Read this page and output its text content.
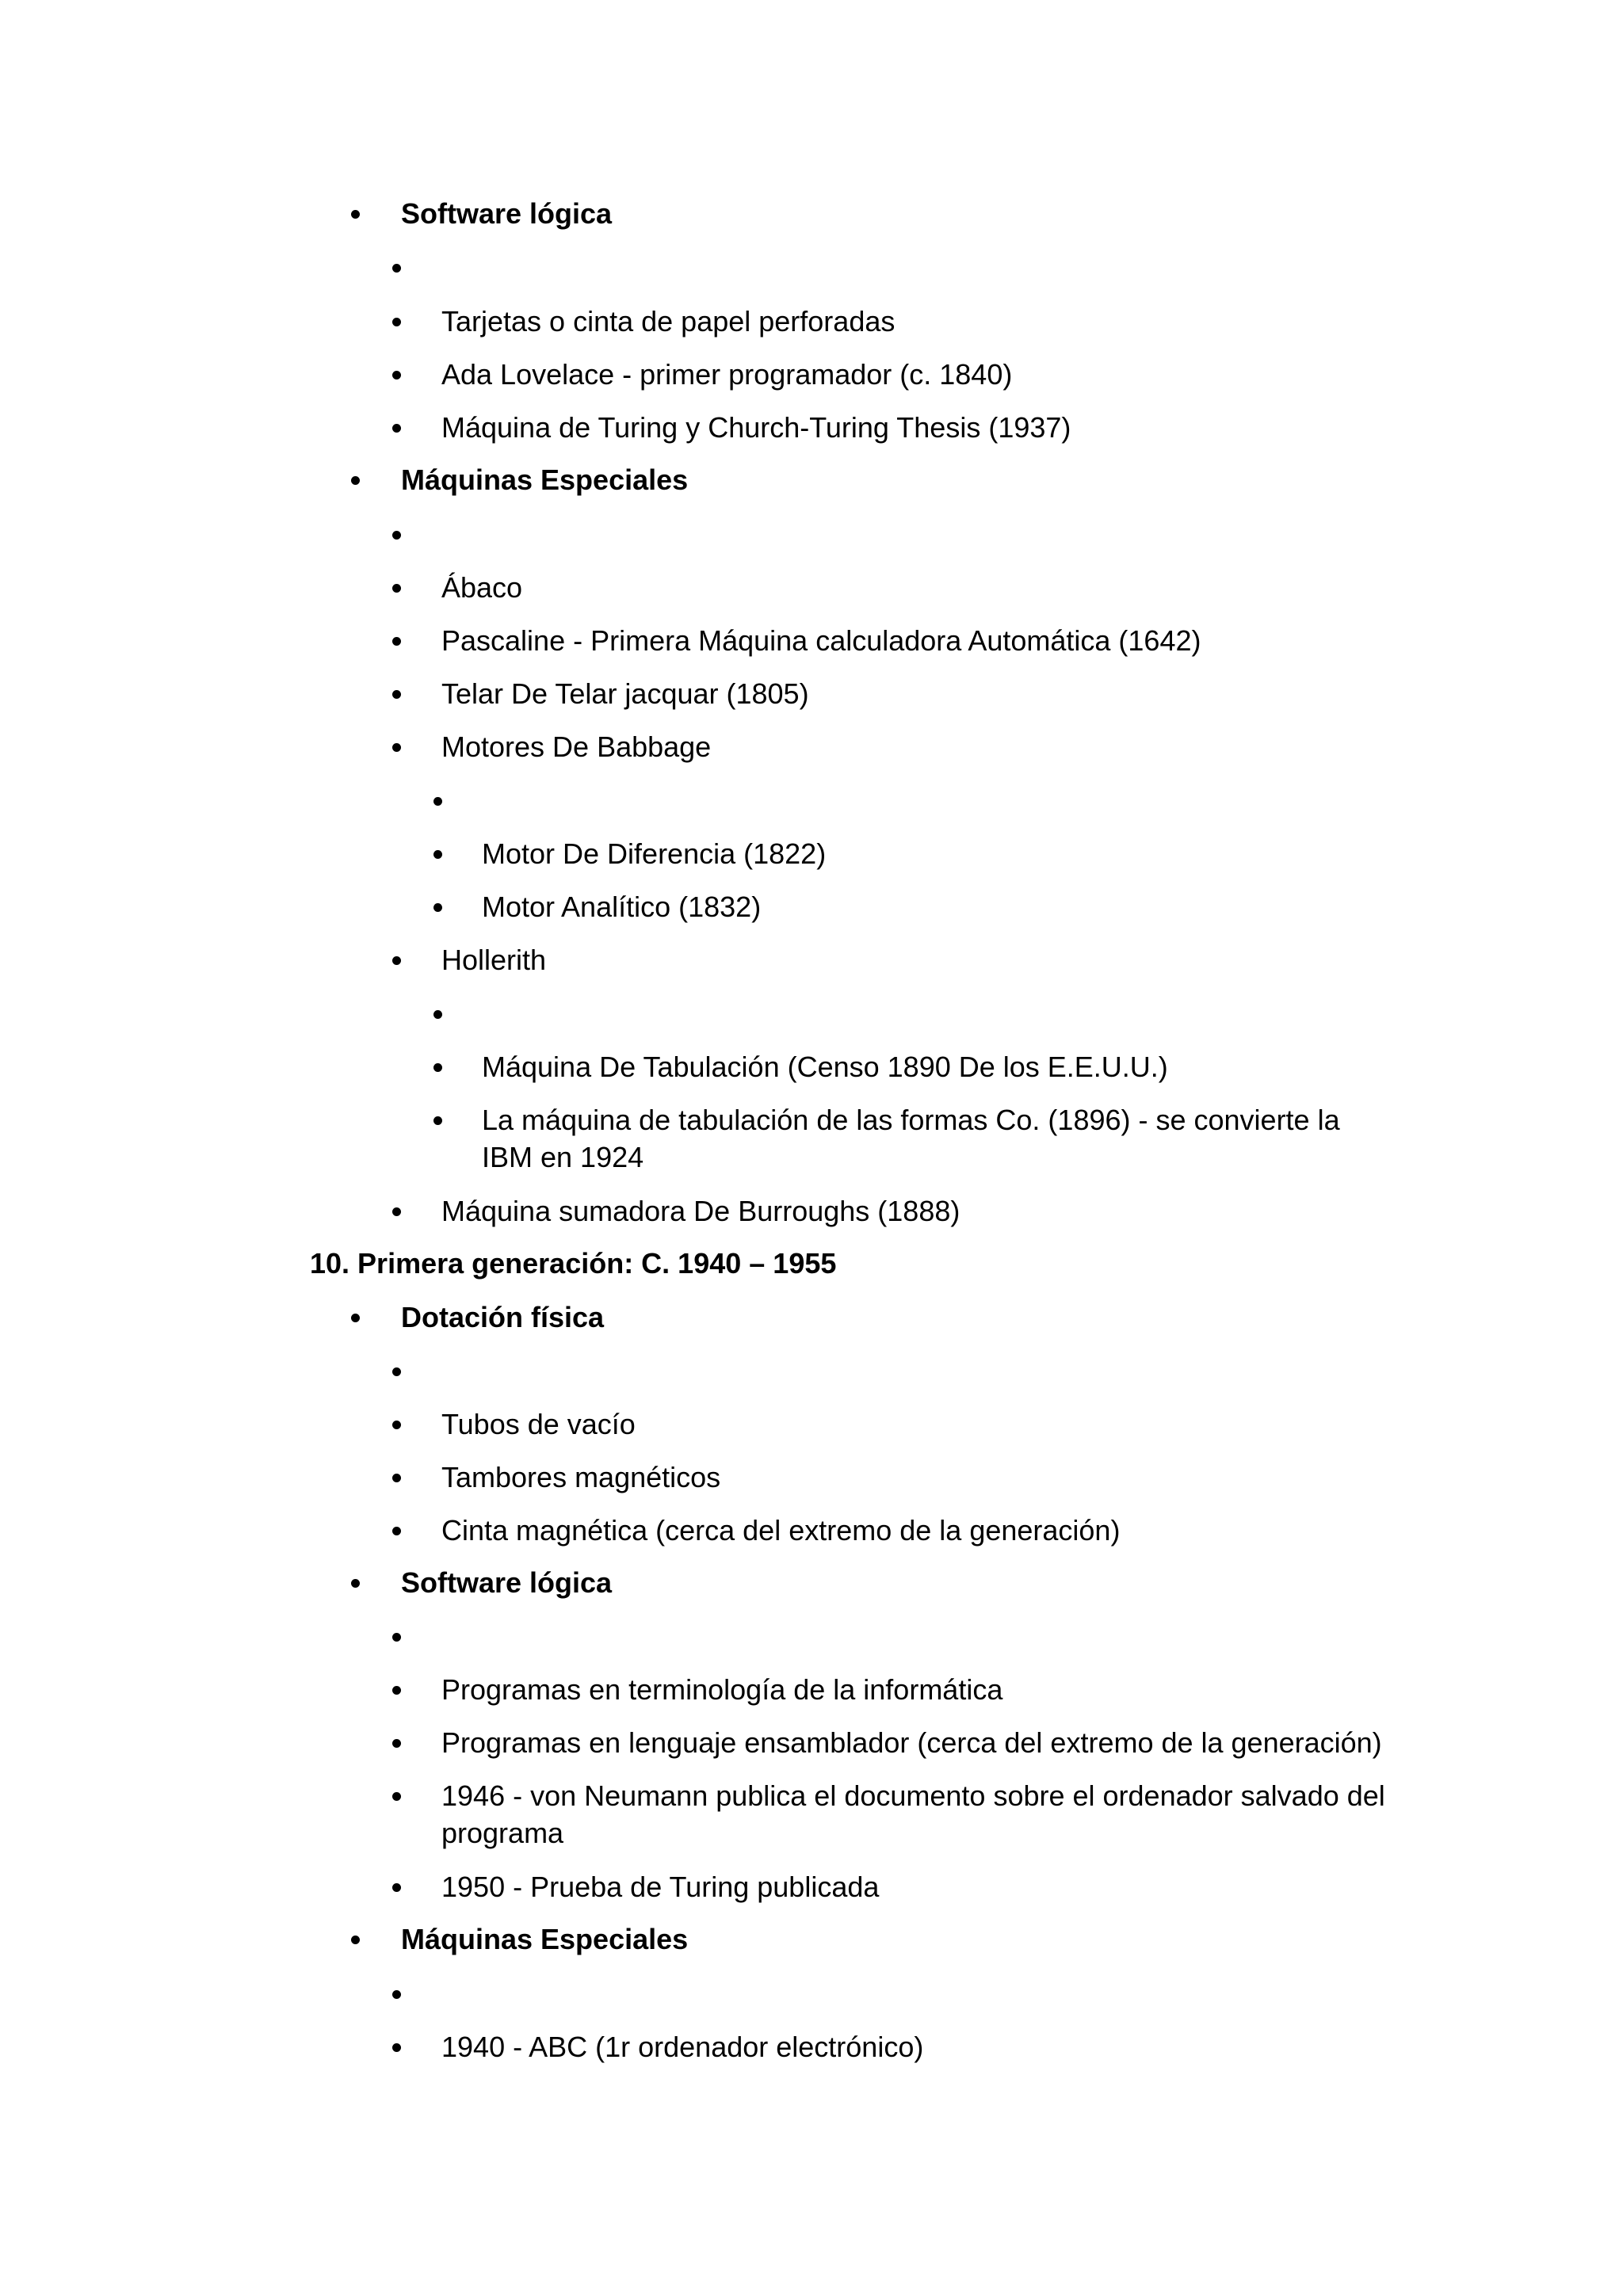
Software lógica
Tarjetas o cinta de papel perforadas
Ada Lovelace - primer programador (c. 1840)
Máquina de Turing y Church-Turing Thesis (1937)
Máquinas Especiales
Ábaco
Pascaline - Primera Máquina calculadora Automática (1642)
Telar De Telar jacquar (1805)
Motores De Babbage
Motor De Diferencia (1822)
Motor Analítico (1832)
Hollerith
Máquina De Tabulación (Censo 1890 De los E.E.U.U.)
La máquina de tabulación de las formas Co. (1896) - se convierte la
IBM en 1924
Máquina sumadora De Burroughs (1888)
10. Primera generación: C. 1940 – 1955
Dotación física
Tubos de vacío
Tambores magnéticos
Cinta magnética (cerca del extremo de la generación)
Software lógica
Programas en terminología de la informática
Programas en lenguaje ensamblador (cerca del extremo de la generación)
1946 - von Neumann publica el documento sobre el ordenador salvado del
programa
1950 - Prueba de Turing publicada
Máquinas Especiales
1940 - ABC (1r ordenador electrónico)
